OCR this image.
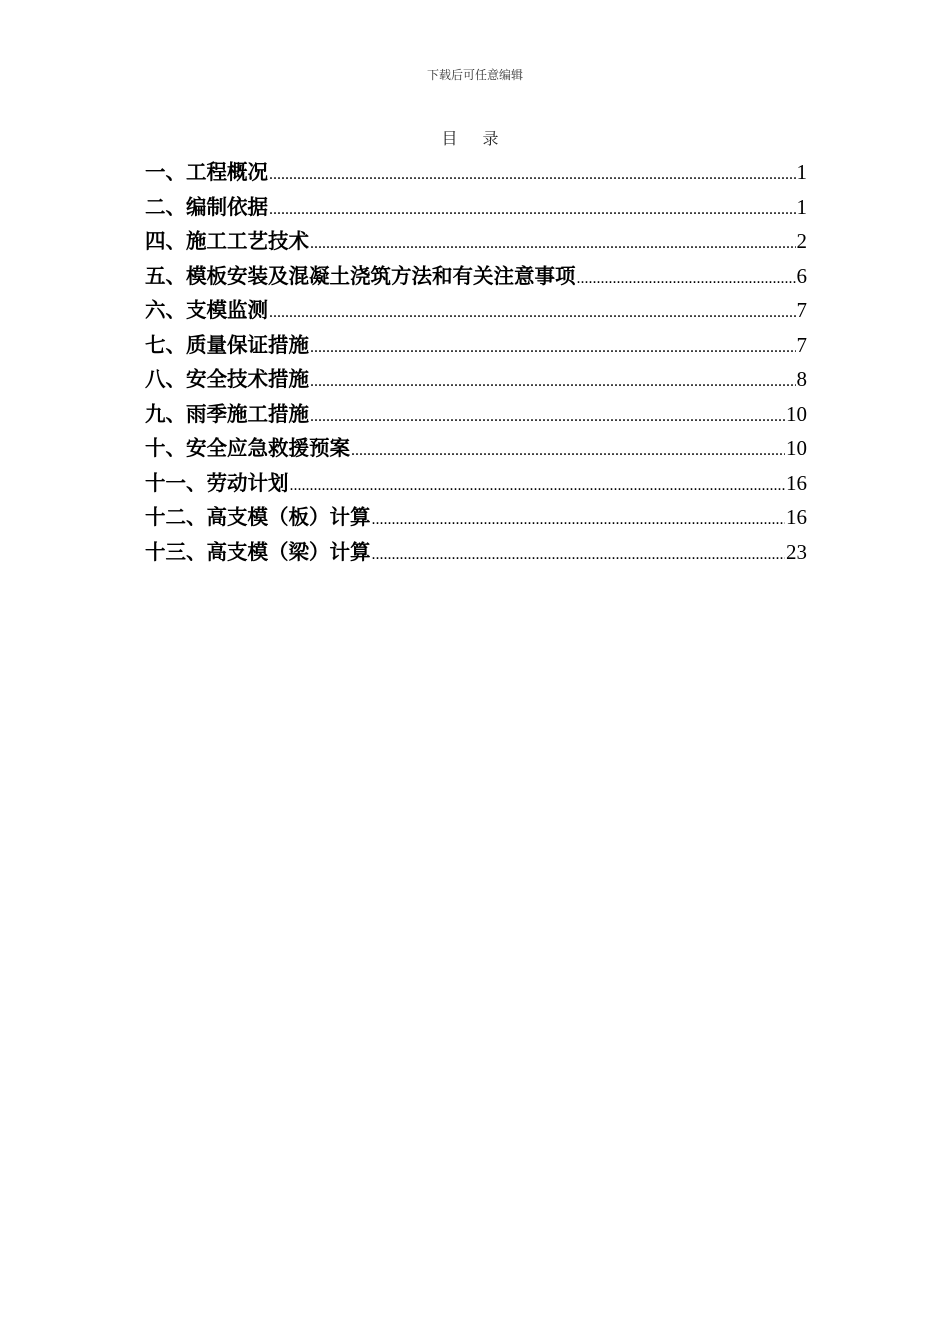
下载后可任意编辑
目 录
一、工程概况 .....	1
二、编制依据 .....	1
四、施工工艺技术 .....	2
五、模板安装及混凝土浇筑方法和有关注意事项 .....	6
六、支模监测 .....	7
七、质量保证措施 .....	7
八、安全技术措施 .....	8
九、雨季施工措施 .....	10
十、安全应急救援预案 .....	10
十一、劳动计划 .....	16
十二、高支模（板）计算 .....	16
十三、高支模（梁）计算 .....	23
